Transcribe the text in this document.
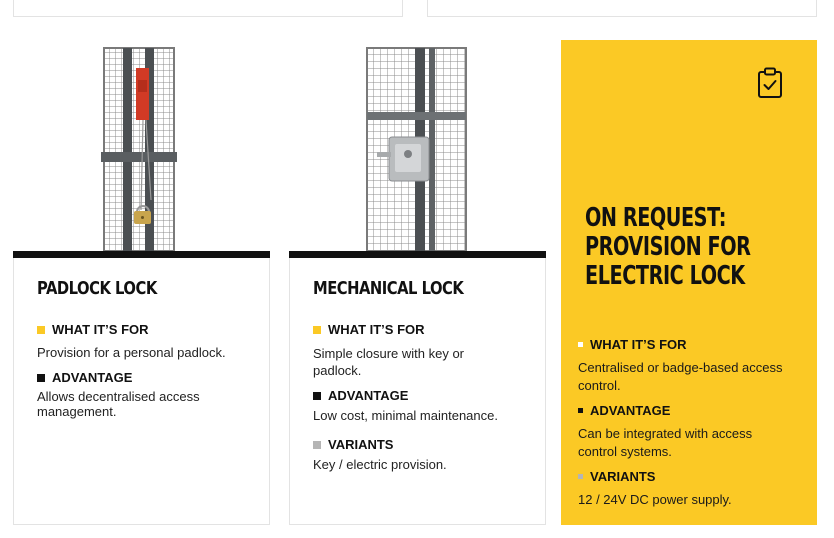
PADLOCK LOCK
WHAT IT’S FOR

Provision for a personal padlock.

ADVANTAGE

Allows decentralised access management.

MECHANICAL LOCK
WHAT IT’S FOR

Simple closure with key or padlock.

ADVANTAGE

Low cost, minimal maintenance.

VARIANTS

Key / electric provision.

ON REQUEST:
PROVISION FOR
ELECTRIC LOCK
WHAT IT’S FOR

Centralised or badge-based access control.

ADVANTAGE

Can be integrated with access control systems.

VARIANTS

12 / 24V DC power supply.
